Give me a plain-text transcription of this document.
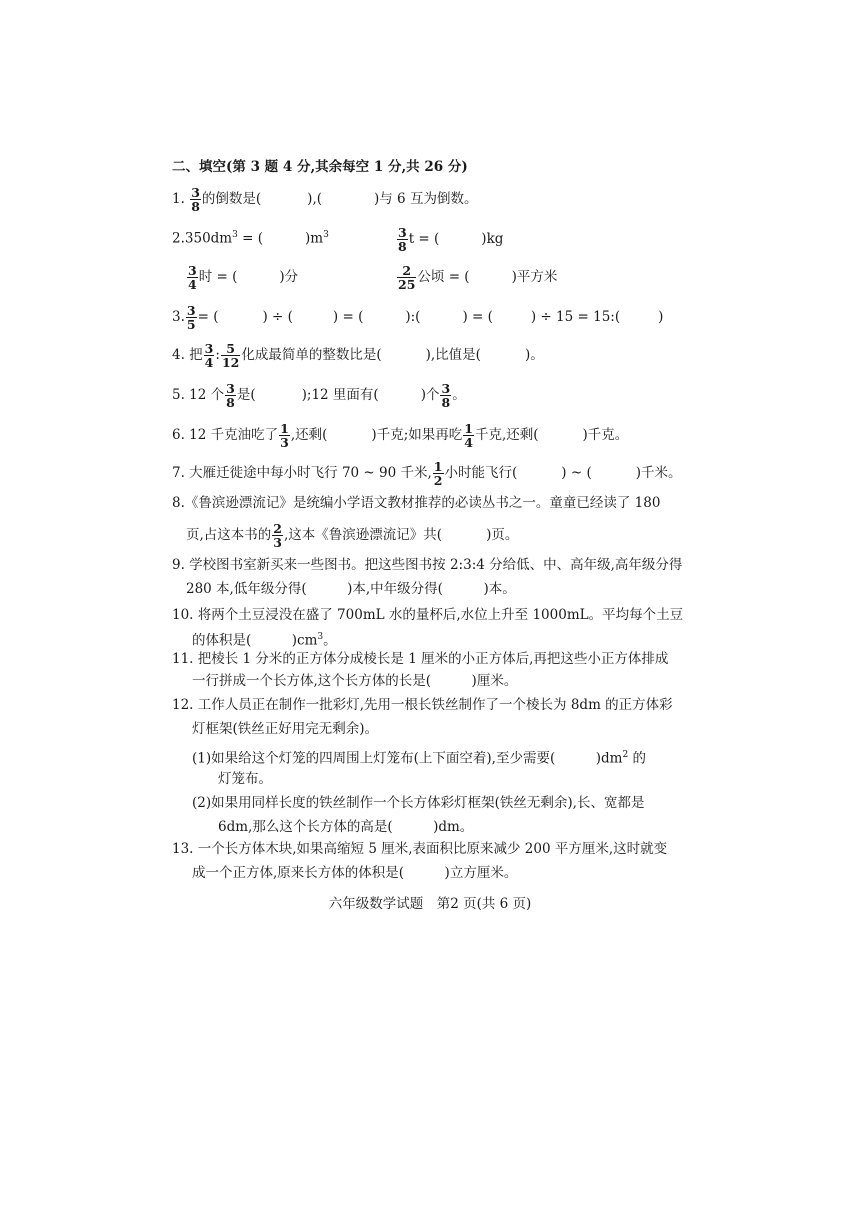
二、填空(第 3 题 4 分,其余每空 1 分,共 26 分)
1. $\frac{3}{8}$ 的倒数是(	),(	)与 6 互为倒数。
$2.350dm^3$ = (	)$m^3$	$\frac{3}{8}$ t = (	)kg
$\frac{3}{4}$ 时 = (	)分	$\frac{2}{25}$ 公顷 = (	)平方米
3. $\frac{3}{5}$ = (	) ÷ (	) = (	):(	) = (	) ÷ 15 = 15:(	)
4. 把 $\frac{3}{4}$ : $\frac{5}{12}$ 化成最简单的整数比是(	),比值是(	)。
5. 12 个 $\frac{3}{8}$ 是(	);12 里面有(	)个 $\frac{3}{8}$ 。
6. 12 千克油吃了 $\frac{1}{3}$ ,还剩(	)千克;如果再吃 $\frac{1}{4}$ 千克,还剩(	)千克。
7. 大雁迁徙途中每小时飞行 70 ~ 90 千米, $\frac{1}{2}$ 小时能飞行(	) ~ (	)千米。
8.《鲁滨逊漂流记》是统编小学语文教材推荐的必读丛书之一。童童已经读了 180
页,占这本书的 $\frac{2}{3}$ ,这本《鲁滨逊漂流记》共(	)页。
9. 学校图书室新买来一些图书。把这些图书按 2:3:4 分给低、中、高年级,高年级分得
280 本,低年级分得(　　　)本,中年级分得(　　　)本。
10. 将两个土豆浸没在盛了 700mL 水的量杯后,水位上升至 1000mL。平均每个土豆
的体积是(　　　)$cm^3$。
11. 把棱长 1 分米的正方体分成棱长是 1 厘米的小正方体后,再把这些小正方体排成
一行拼成一个长方体,这个长方体的长是(　　　)厘米。
12. 工作人员正在制作一批彩灯,先用一根长铁丝制作了一个棱长为 8dm 的正方体彩
灯框架(铁丝正好用完无剩余)。
(1)如果给这个灯笼的四周围上灯笼布(上下面空着),至少需要(　　　)$dm^2$ 的
灯笼布。
(2)如果用同样长度的铁丝制作一个长方体彩灯框架(铁丝无剩余),长、宽都是
6dm,那么这个长方体的高是(　　　)dm。
13. 一个长方体木块,如果高缩短 5 厘米,表面积比原来减少 200 平方厘米,这时就变
成一个正方体,原来长方体的体积是(　　　)立方厘米。
六年级数学试题　第2 页(共 6 页)
